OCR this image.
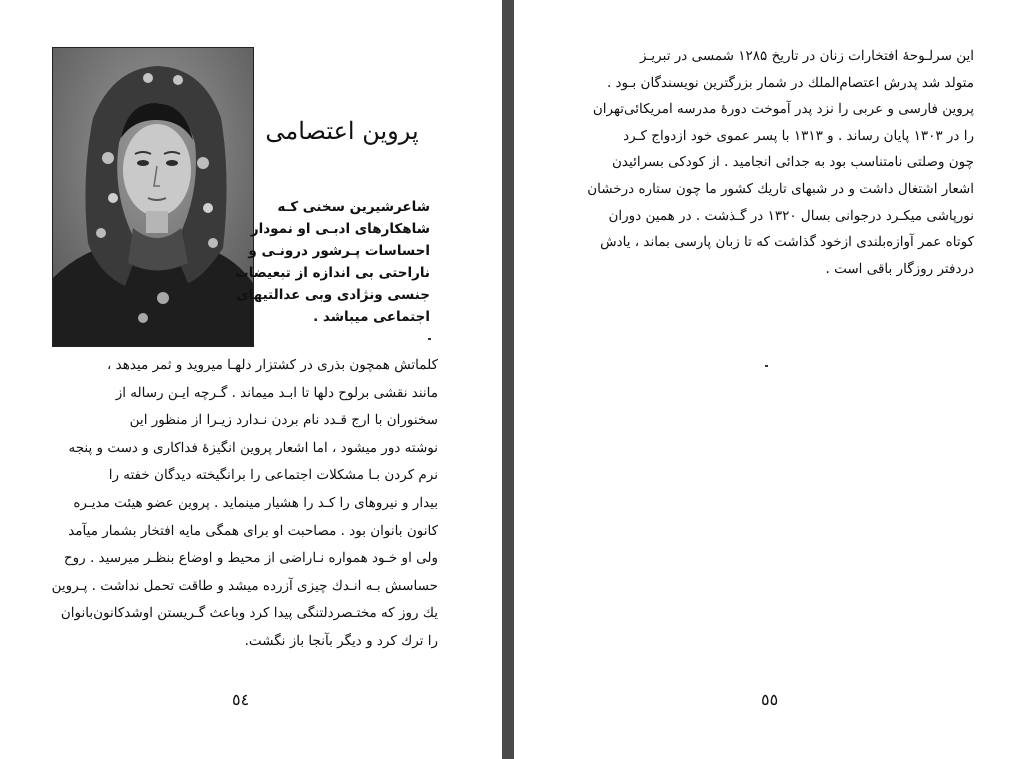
پروین اعتصامی
شاعرشیرین سخنی کـه
شاهکارهای ادبـی او نمودار
احساسات پـرشور درونـی و
ناراحتی بی اندازه از تبعیضات
جنسی ونژادی وبی عدالتیهای
اجتماعی میباشد .
کلماتش همچون بذری در کشتزار دلهـا میروید و ثمر میدهد ،
مانند نقشی برلوح دلها تا ابـد میماند . گـرچه ایـن رساله از
سخنوران با ارج قـدد نام بردن نـدارد زیـرا از منظور این
نوشته دور میشود ، اما اشعار پروین انگیزهٔ فداکاری و دست و پنجه
نرم کردن بـا مشکلات اجتماعی را برانگیخته دیدگان خفته را
بیدار و نیروهای را کـد را هشیار مینماید . پروین عضو هیئت مدیـره
کانون بانوان بود . مصاحبت او برای همگی مایه افتخار بشمار میآمد
ولی او خـود همواره نـاراضی از محیط و اوضاع بنظـر میرسید . روح
حساسش بـه انـدك چیزی آزرده میشد و طاقت تحمل نداشت . پـروین
یك روز كه مختـصرد‌لتنگی پیدا كرد وباعث گـریستن اوشدکانون‌بانوان
را ترك كرد و دیگر بآنجا باز نگشت.
٥٤
این سرلـوحهٔ افتخارات زنان در تاریخ ۱۲۸۵ شمسی در تبریـز
متولد شد پدرش اعتصام‌الملك در شمار بزرگترین نویسندگان بـود .
پروین فارسی و عربی را نزد پدر آموخت دورهٔ مدرسه امریکائی‌تهران
را در ۱۳۰۳ پایان رساند . و ۱۳۱۳ با پسر عموی خود ازدواج کـرد
چون وصلتی نامتناسب بود به جدائی انجامید . از کودکی بسرائیدن
اشعار اشتغال داشت و در شبهای تاریك کشور ما چون ستاره درخشان
نورپاشی میکـرد درجوانی بسال ۱۳۲۰ در گـذشت . در همین دوران
کوتاه عمر آوازه‌بلندی ازخود گذاشت که تا زبان پارسی بماند ، یادش
دردفتر روزگار باقی است .
٥٥
